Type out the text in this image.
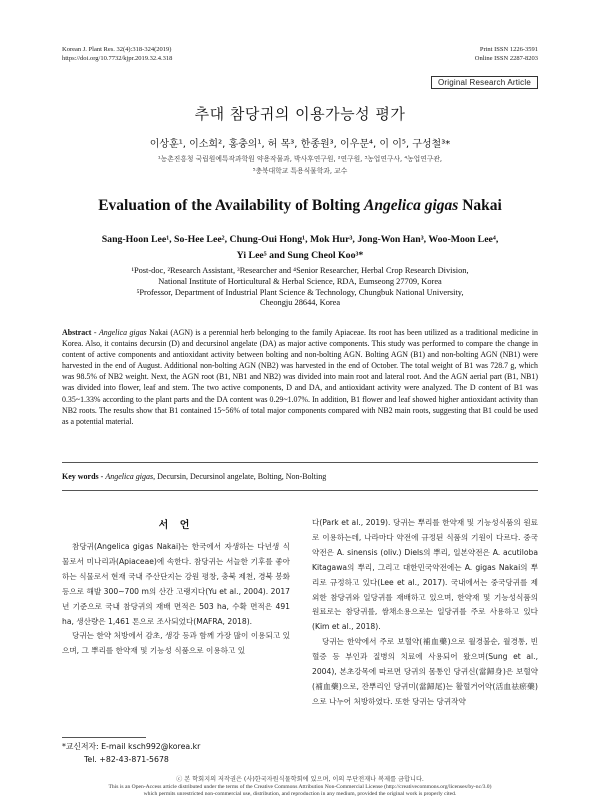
Korean J. Plant Res. 32(4):318-324(2019)
https://doi.org/10.7732/kjpr.2019.32.4.318
Print ISSN 1226-3591
Online ISSN 2287-8203
Original Research Article
추대 참당귀의 이용가능성 평가
이상훈¹, 이소희², 홍충의¹, 허 목³, 한종원³, 이우문⁴, 이 이⁵, 구성철³*
¹농촌진흥청 국립원예특작과학원 약용작물과, 박사후연구원, ²연구원, ³농업연구사, ⁴농업연구관,
⁵충북대학교 특용식물학과, 교수
Evaluation of the Availability of Bolting Angelica gigas Nakai
Sang-Hoon Lee¹, So-Hee Lee², Chung-Oui Hong¹, Mok Hur³, Jong-Won Han³, Woo-Moon Lee⁴,
Yi Lee⁵ and Sung Cheol Koo³*
¹Post-doc, ²Research Assistant, ³Researcher and ⁴Senior Researcher, Herbal Crop Research Division,
National Institute of Horticultural & Herbal Science, RDA, Eumseong 27709, Korea
⁵Professor, Department of Industrial Plant Science & Technology, Chungbuk National University,
Cheongju 28644, Korea
Abstract - Angelica gigas Nakai (AGN) is a perennial herb belonging to the family Apiaceae. Its root has been utilized as a traditional medicine in Korea. Also, it contains decursin (D) and decursinol angelate (DA) as major active components. This study was performed to compare the change in content of active components and antioxidant activity between bolting and non-bolting AGN. Bolting AGN (B1) and non-bolting AGN (NB1) were harvested in the end of August. Additional non-bolting AGN (NB2) was harvested in the end of October. The total weight of B1 was 728.7 g, which was 98.5% of NB2 weight. Next, the AGN root (B1, NB1 and NB2) was divided into main root and lateral root. And the AGN aerial part (B1, NB1) was divided into flower, leaf and stem. The two active components, D and DA, and antioxidant activity were analyzed. The D content of B1 was 0.35~1.33% according to the plant parts and the DA content was 0.29~1.07%. In addition, B1 flower and leaf showed higher antioxidant activity than NB2 roots. The results show that B1 contained 15~56% of total major components compared with NB2 main roots, suggesting that B1 could be used as a potential material.
Key words - Angelica gigas, Decursin, Decursinol angelate, Bolting, Non-Bolting
서 언

참당귀(Angelica gigas Nakai)는 한국에서 자생하는 다년생 식물로서 미나리과(Apiaceae)에 속한다. 참당귀는 서늘한 기후를 좋아하는 식물로서 현재 국내 주산단지는 강원 평창, 충북 제천, 경북 봉화 등으로 해발 300~700 m의 산간 고랭지다(Yu et al., 2004). 2017년 기준으로 국내 참당귀의 재배 면적은 503 ha, 수확 면적은 491 ha, 생산량은 1,461 톤으로 조사되었다(MAFRA, 2018).

당귀는 한약 처방에서 감초, 생강 등과 함께 가장 많이 이용되고 있으며, 그 뿌리를 한약재 및 기능성 식품으로 이용하고 있

다(Park et al., 2019). 당귀는 뿌리를 한약재 및 기능성식품의 원료로 이용하는데, 나라마다 약전에 규정된 식품의 기원이 다르다. 중국약전은 A. sinensis (oliv.) Diels의 뿌리, 일본약전은 A. acutiloba Kitagawa의 뿌리, 그리고 대한민국약전에는 A. gigas Nakai의 뿌리로 규정하고 있다(Lee et al., 2017). 국내에서는 중국당귀를 제외한 참당귀와 일당귀를 재배하고 있으며, 한약재 및 기능성식품의 원료로는 참당귀를, 쌈채소용으로는 일당귀를 주로 사용하고 있다(Kim et al., 2018).

당귀는 한약에서 주로 보혈약(補血藥)으로 월경불순, 월경통, 빈혈증 등 부인과 질병의 치료에 사용되어 왔으며(Sung et al., 2004), 본초강목에 따르면 당귀의 몸통인 당귀신(當歸身)은 보혈약(補血藥)으로, 잔뿌리인 당귀미(當歸尾)는 활혈거어약(活血祛瘀藥)으로 나누어 처방하였다. 또한 당귀는 당귀작약

*교신저자: E-mail ksch992@korea.kr
Tel. +82-43-871-5678
ⓒ 본 학회지의 저작권은 (사)한국자원식물학회에 있으며, 이의 무단전재나 복제를 금합니다.
This is an Open-Access article distributed under the terms of the Creative Commons Attribution Non-Commercial License (http://creativecommons.org/licenses/by-nc/3.0)
which permits unrestricted non-commercial use, distribution, and reproduction in any medium, provided the original work is properly cited.
